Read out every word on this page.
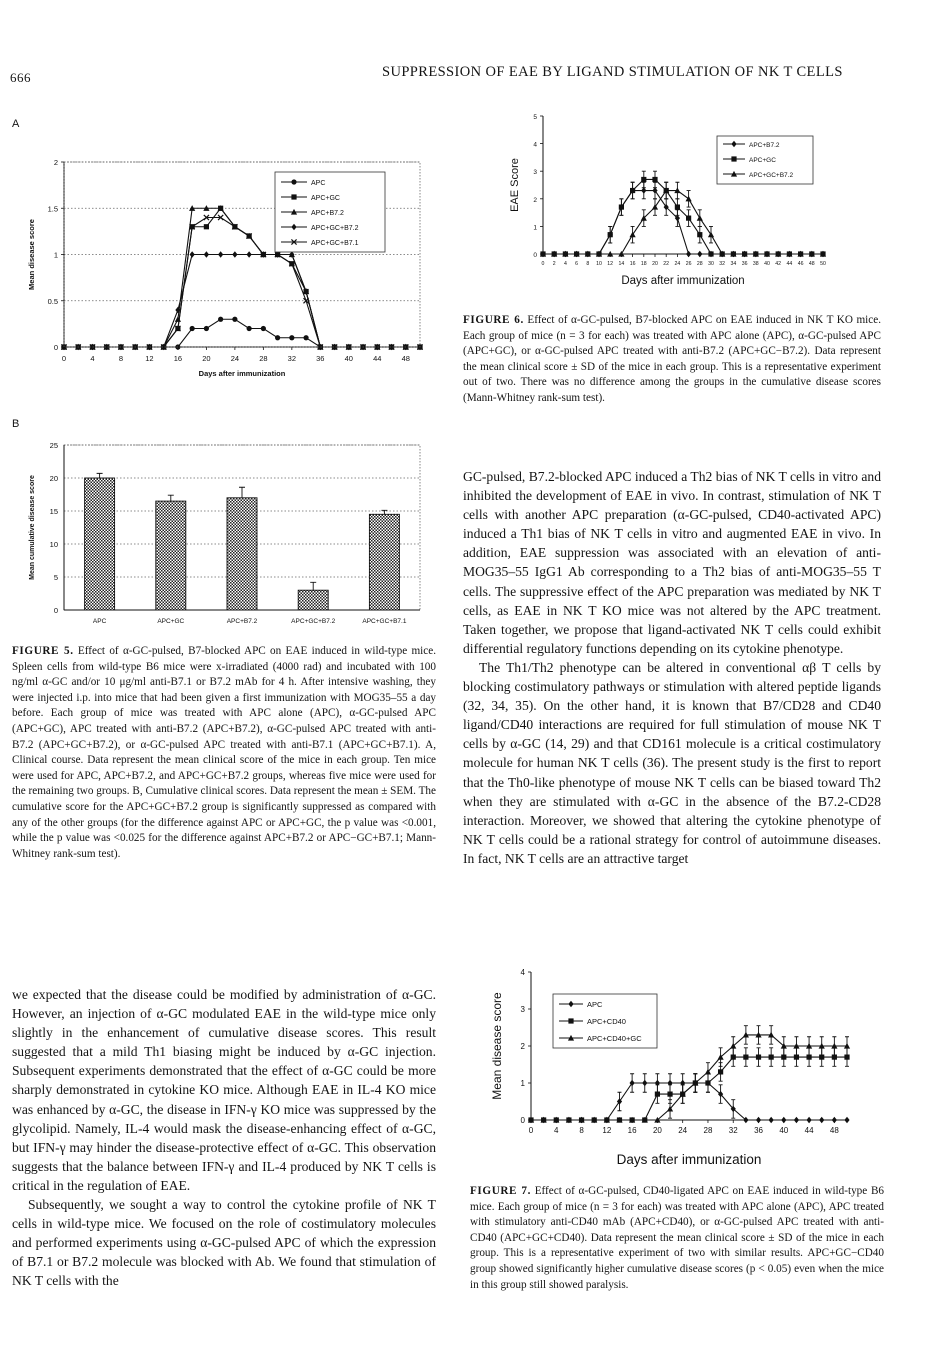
666	SUPPRESSION OF EAE BY LIGAND STIMULATION OF NK T CELLS
A
0
0.5
1
1.5
2
0	4	8	12	16	20	24	28	32	36	40	44	48
Mean disease score
Days after immunization
APC
APC+GC
APC+B7.2
APC+GC+B7.2
APC+GC+B7.1
B
0
5
10
15
20
25
Mean cumulative disease score
APC	APC+GC	APC+B7.2	APC+GC+B7.2	APC+GC+B7.1
FIGURE 5. Effect of α-GC-pulsed, B7-blocked APC on EAE induced in wild-type mice. Spleen cells from wild-type B6 mice were x-irradiated (4000 rad) and incubated with 100 ng/ml α-GC and/or 10 μg/ml anti-B7.1 or B7.2 mAb for 4 h. After intensive washing, they were injected i.p. into mice that had been given a first immunization with MOG35–55 a day before. Each group of mice was treated with APC alone (APC), α-GC-pulsed APC (APC+GC), APC treated with anti-B7.2 (APC+B7.2), α-GC-pulsed APC treated with anti-B7.2 (APC+GC+B7.2), or α-GC-pulsed APC treated with anti-B7.1 (APC+GC+B7.1). A, Clinical course. Data represent the mean clinical score of the mice in each group. Ten mice were used for APC, APC+B7.2, and APC+GC+B7.2 groups, whereas five mice were used for the remaining two groups. B, Cumulative clinical scores. Data represent the mean ± SEM. The cumulative score for the APC+GC+B7.2 group is significantly suppressed as compared with any of the other groups (for the difference against APC or APC+GC, the p value was <0.001, while the p value was <0.025 for the difference against APC+B7.2 or APC−GC+B7.1; Mann-Whitney rank-sum test).

we expected that the disease could be modified by administration of α-GC. However, an injection of α-GC modulated EAE in the wild-type mice only slightly in the enhancement of cumulative disease scores. This result suggested that a mild Th1 biasing might be induced by α-GC injection. Subsequent experiments demonstrated that the effect of α-GC could be more sharply demonstrated in cytokine KO mice. Although EAE in IL-4 KO mice was enhanced by α-GC, the disease in IFN-γ KO mice was suppressed by the glycolipid. Namely, IL-4 would mask the disease-enhancing effect of α-GC, but IFN-γ may hinder the disease-protective effect of α-GC. This observation suggests that the balance between IFN-γ and IL-4 produced by NK T cells is critical in the regulation of EAE.

Subsequently, we sought a way to control the cytokine profile of NK T cells in wild-type mice. We focused on the role of costimulatory molecules and performed experiments using α-GC-pulsed APC of which the expression of B7.1 or B7.2 molecule was blocked with Ab. We found that stimulation of NK T cells with the

0
1
2
3
4
5
0 2 4 6 8 10 12 14 16 18 20 22 24 26 28 30 32 34 36 38 40 42 44 46 48 50
EAE Score
Days after immunization
APC+B7.2
APC+GC
APC+GC+B7.2
FIGURE 6. Effect of α-GC-pulsed, B7-blocked APC on EAE induced in NK T KO mice. Each group of mice (n = 3 for each) was treated with APC alone (APC), α-GC-pulsed APC (APC+GC), or α-GC-pulsed APC treated with anti-B7.2 (APC+GC−B7.2). Data represent the mean clinical score ± SD of the mice in each group. This is a representative experiment out of two. There was no difference among the groups in the cumulative disease scores (Mann-Whitney rank-sum test).

GC-pulsed, B7.2-blocked APC induced a Th2 bias of NK T cells in vitro and inhibited the development of EAE in vivo. In contrast, stimulation of NK T cells with another APC preparation (α-GC-pulsed, CD40-activated APC) induced a Th1 bias of NK T cells in vitro and augmented EAE in vivo. In addition, EAE suppression was associated with an elevation of anti-MOG35–55 IgG1 Ab corresponding to a Th2 bias of anti-MOG35–55 T cells. The suppressive effect of the APC preparation was mediated by NK T cells, as EAE in NK T KO mice was not altered by the APC treatment. Taken together, we propose that ligand-activated NK T cells could exhibit differential regulatory functions depending on its cytokine phenotype.

The Th1/Th2 phenotype can be altered in conventional αβ T cells by blocking costimulatory pathways or stimulation with altered peptide ligands (32, 34, 35). On the other hand, it is known that B7/CD28 and CD40 ligand/CD40 interactions are required for full stimulation of mouse NK T cells by α-GC (14, 29) and that CD161 molecule is a critical costimulatory molecule for human NK T cells (36). The present study is the first to report that the Th0-like phenotype of mouse NK T cells can be biased toward Th2 when they are stimulated with α-GC in the absence of the B7.2-CD28 interaction. Moreover, we showed that altering the cytokine phenotype of NK T cells could be a rational strategy for control of autoimmune diseases. In fact, NK T cells are an attractive target

0
1
2
3
4
0	4	8 12 16 20 24 28 32 36 40 44 48
Mean disease score
Days after immunization
APC
APC+CD40
APC+CD40+GC
FIGURE 7. Effect of α-GC-pulsed, CD40-ligated APC on EAE induced in wild-type B6 mice. Each group of mice (n = 3 for each) was treated with APC alone (APC), APC treated with stimulatory anti-CD40 mAb (APC+CD40), or α-GC-pulsed APC treated with anti-CD40 (APC+GC+CD40). Data represent the mean clinical score ± SD of the mice in each group. This is a representative experiment of two with similar results. APC+GC−CD40 group showed significantly higher cumulative disease scores (p < 0.05) even when the mice in this group still showed paralysis.
